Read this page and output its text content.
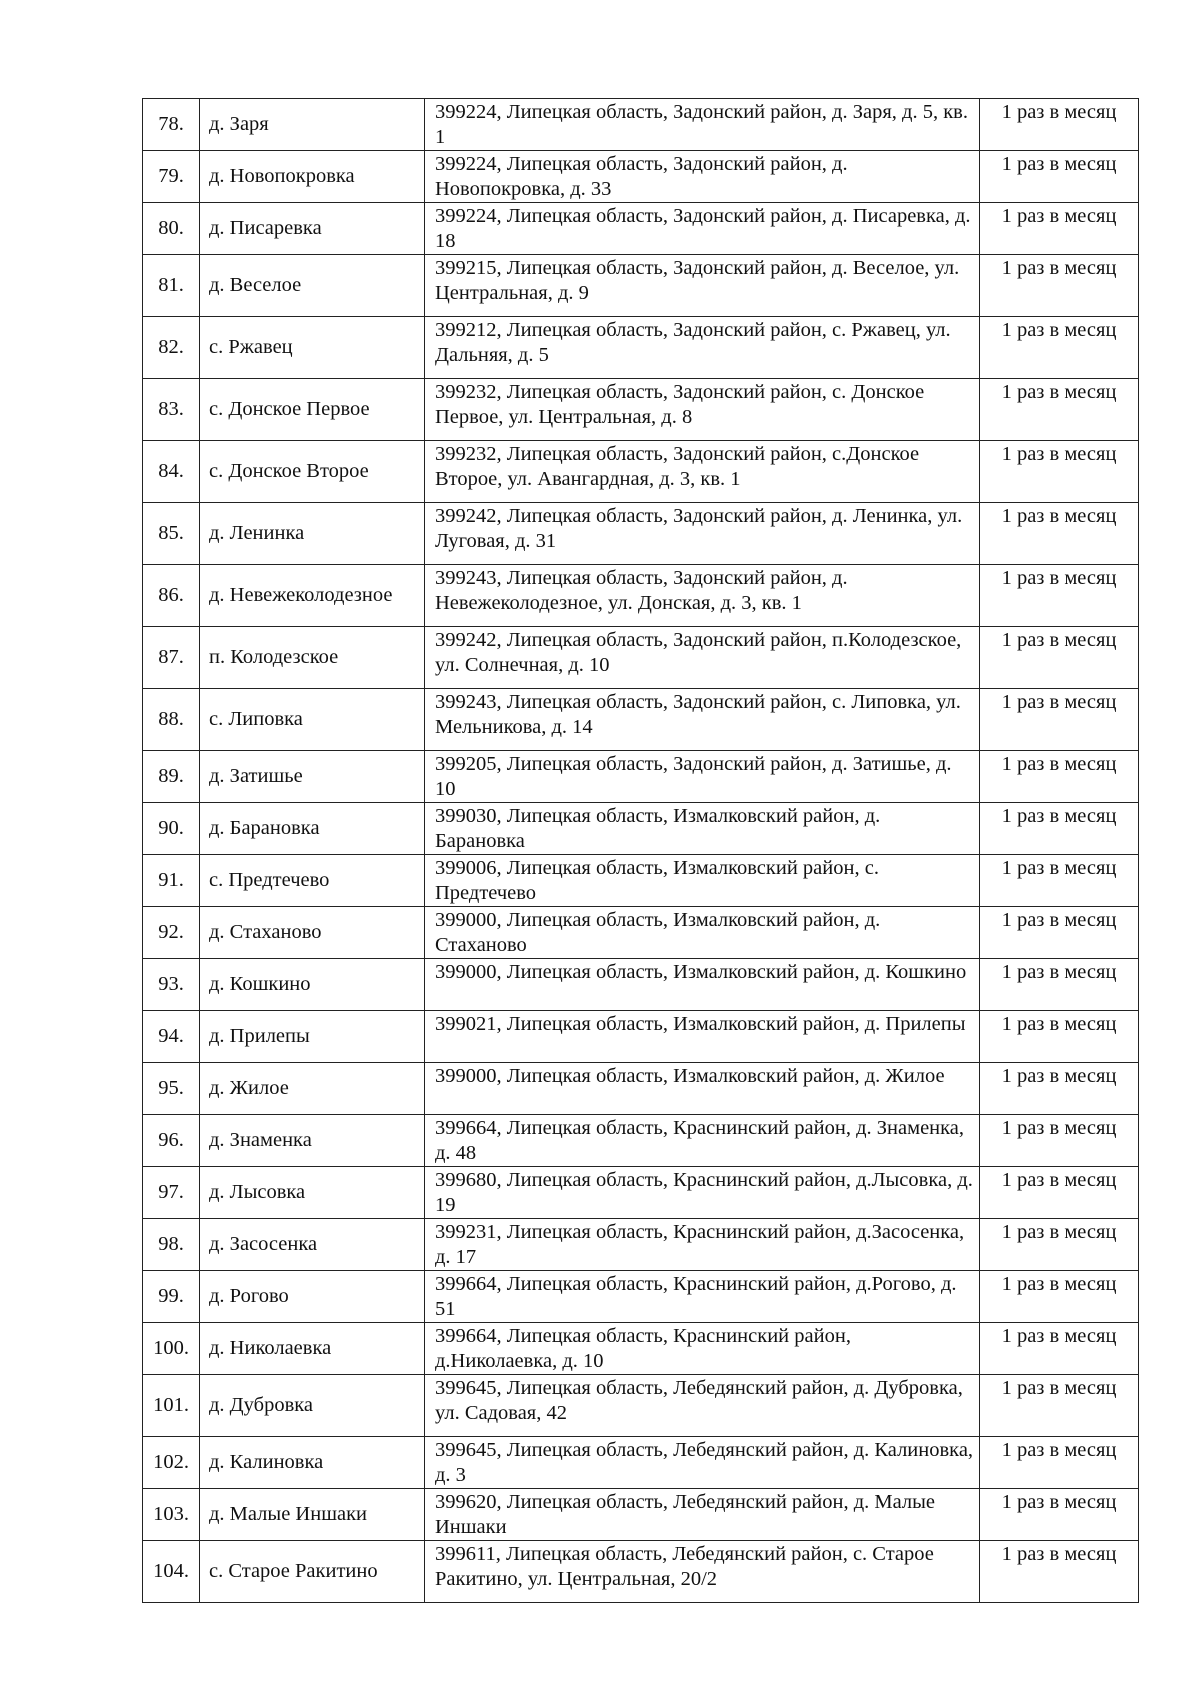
78.	д. Заря	399224, Липецкая область, Задонский район, д. Заря, д. 5, кв. 1	1 раз в месяц
79.	д. Новопокровка	399224, Липецкая область, Задонский район, д. Новопокровка, д. 33	1 раз в месяц
80.	д. Писаревка	399224, Липецкая область, Задонский район, д. Писаревка, д. 18	1 раз в месяц
81.	д. Веселое	399215, Липецкая область, Задонский район, д. Веселое, ул. Центральная, д. 9	1 раз в месяц
82.	с. Ржавец	399212, Липецкая область, Задонский район, с. Ржавец, ул. Дальняя, д. 5	1 раз в месяц
83.	с. Донское Первое	399232, Липецкая область, Задонский район, с. Донское Первое, ул. Центральная, д. 8	1 раз в месяц
84.	с. Донское Второе	399232, Липецкая область, Задонский район, с.Донское Вторoе, ул. Авангардная, д. 3, кв. 1	1 раз в месяц
85.	д. Ленинка	399242, Липецкая область, Задонский район, д. Ленинка, ул. Луговая, д. 31	1 раз в месяц
86.	д. Невежеколодезное	399243, Липецкая область, Задонский район, д. Невежеколодезное, ул. Донская, д. 3, кв. 1	1 раз в месяц
87.	п. Колодезское	399242, Липецкая область, Задонский район, п.Колодезское, ул. Солнечная, д. 10	1 раз в месяц
88.	с. Липовка	399243, Липецкая область, Задонский район, с. Липовка, ул. Мельникова, д. 14	1 раз в месяц
89.	д. Затишье	399205, Липецкая область, Задонский район, д. Затишье, д. 10	1 раз в месяц
90.	д. Барановка	399030, Липецкая область, Измалковский район, д. Барановка	1 раз в месяц
91.	с. Предтечево	399006, Липецкая область, Измалковский район, с. Предтечево	1 раз в месяц
92.	д. Стаханово	399000, Липецкая область, Измалковский район, д. Стаханово	1 раз в месяц
93.	д. Кошкино	399000, Липецкая область, Измалковский район, д. Кошкино	1 раз в месяц
94.	д. Прилепы	399021, Липецкая область, Измалковский район, д. Прилепы	1 раз в месяц
95.	д. Жилое	399000, Липецкая область, Измалковский район, д. Жилое	1 раз в месяц
96.	д. Знаменка	399664, Липецкая область, Краснинский район, д. Знаменка, д. 48	1 раз в месяц
97.	д. Лысовка	399680, Липецкая область, Краснинский район, д.Лысовка, д. 19	1 раз в месяц
98.	д. Засосенка	399231, Липецкая область, Краснинский район, д.Засосенка, д. 17	1 раз в месяц
99.	д. Рогово	399664, Липецкая область, Краснинский район, д.Рогово, д. 51	1 раз в месяц
100.	д. Николаевка	399664, Липецкая область, Краснинский район, д.Николаевка, д. 10	1 раз в месяц
101.	д. Дубровка	399645, Липецкая область, Лебедянский район, д. Дубровка, ул. Садовая, 42	1 раз в месяц
102.	д. Калиновка	399645, Липецкая область, Лебедянский район, д. Калиновка, д. 3	1 раз в месяц
103.	д. Малые Иншаки	399620, Липецкая область, Лебедянский район, д. Малые Иншаки	1 раз в месяц
104.	с. Старое Ракитино	399611, Липецкая область, Лебедянский район, с. Старое Ракитино, ул. Центральная, 20/2	1 раз в месяц
